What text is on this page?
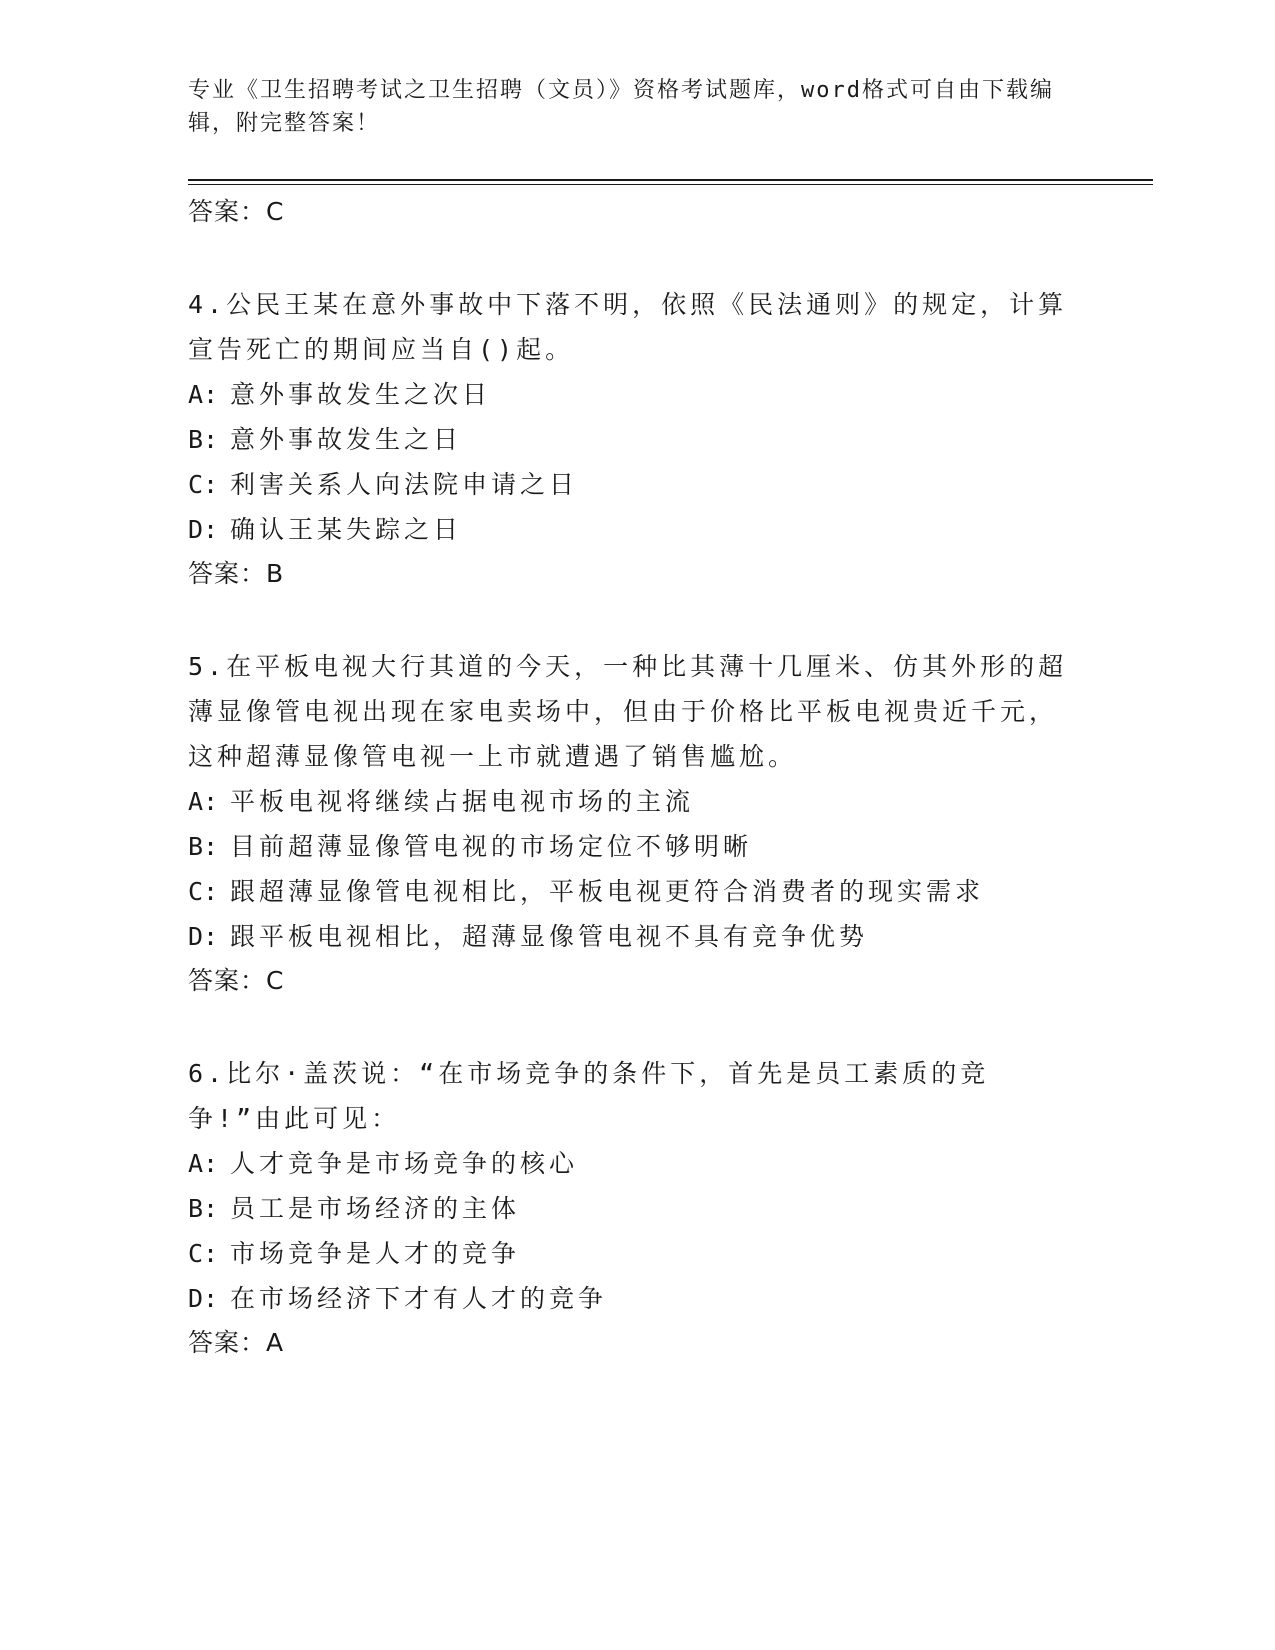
专业《卫生招聘考试之卫生招聘（文员）》资格考试题库，word格式可自由下载编辑，附完整答案！
答案：C
4.公民王某在意外事故中下落不明，依照《民法通则》的规定，计算宣告死亡的期间应当自()起。
A: 意外事故发生之次日
B: 意外事故发生之日
C: 利害关系人向法院申请之日
D: 确认王某失踪之日
答案：B
5.在平板电视大行其道的今天，一种比其薄十几厘米、仿其外形的超薄显像管电视出现在家电卖场中，但由于价格比平板电视贵近千元，这种超薄显像管电视一上市就遭遇了销售尴尬。
A: 平板电视将继续占据电视市场的主流
B: 目前超薄显像管电视的市场定位不够明晰
C: 跟超薄显像管电视相比，平板电视更符合消费者的现实需求
D: 跟平板电视相比，超薄显像管电视不具有竞争优势
答案：C
6.比尔·盖茨说：“在市场竞争的条件下，首先是员工素质的竞争!”由此可见：
A: 人才竞争是市场竞争的核心
B: 员工是市场经济的主体
C: 市场竞争是人才的竞争
D: 在市场经济下才有人才的竞争
答案：A
